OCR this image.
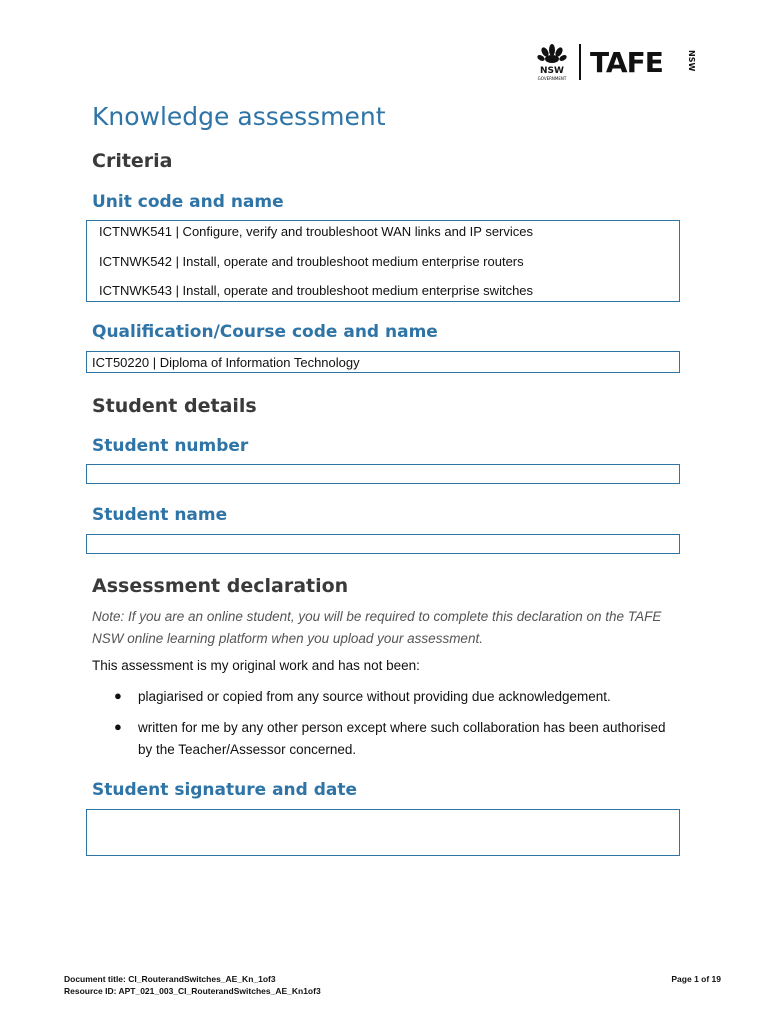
NSW
GOVERNMENT TAFE	NSW
Knowledge assessment
Criteria
Unit code and name
ICTNWK541 | Configure, verify and troubleshoot WAN links and IP services
ICTNWK542 | Install, operate and troubleshoot medium enterprise routers
ICTNWK543 | Install, operate and troubleshoot medium enterprise switches
Qualification/Course code and name
ICT50220 | Diploma of Information Technology
Student details
Student number
Student name
Assessment declaration
Note: If you are an online student, you will be required to complete this declaration on the TAFE NSW online learning platform when you upload your assessment.
This assessment is my original work and has not been:
● plagiarised or copied from any source without providing due acknowledgement.
● written for me by any other person except where such collaboration has been authorised by the Teacher/Assessor concerned.
Student signature and date
Document title: CI_RouterandSwitches_AE_Kn_1of3
Resource ID: APT_021_003_CI_RouterandSwitches_AE_Kn1of3
Page 1 of 19
